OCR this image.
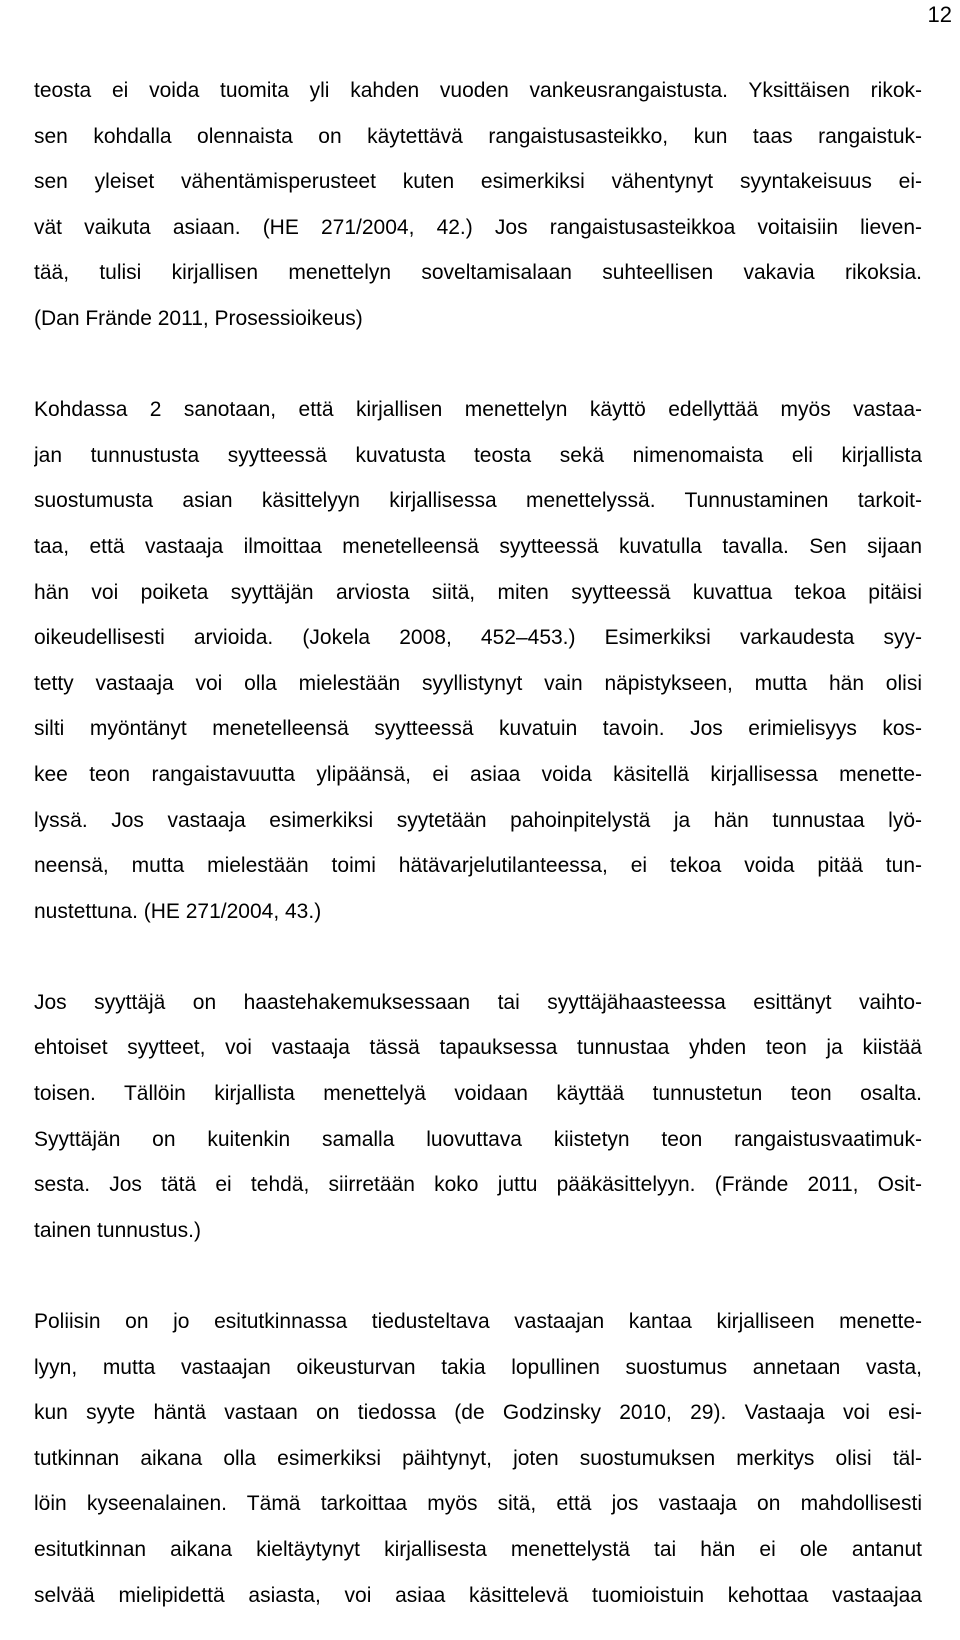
12
teosta ei voida tuomita yli kahden vuoden vankeusrangaistusta. Yksittäisen rikok-
sen kohdalla olennaista on käytettävä rangaistusasteikko, kun taas rangaistuk-
sen yleiset vähentämisperusteet kuten esimerkiksi vähentynyt syyntakeisuus ei-
vät vaikuta asiaan. (HE 271/2004, 42.) Jos rangaistusasteikkoa voitaisiin lieven-
tää, tulisi kirjallisen menettelyn soveltamisalaan suhteellisen vakavia rikoksia.
(Dan Frände 2011, Prosessioikeus)
Kohdassa 2 sanotaan, että kirjallisen menettelyn käyttö edellyttää myös vastaa-
jan tunnustusta syytteessä kuvatusta teosta sekä nimenomaista eli kirjallista
suostumusta asian käsittelyyn kirjallisessa menettelyssä. Tunnustaminen tarkoit-
taa, että vastaaja ilmoittaa menetelleensä syytteessä kuvatulla tavalla. Sen sijaan
hän voi poiketa syyttäjän arviosta siitä, miten syytteessä kuvattua tekoa pitäisi
oikeudellisesti arvioida. (Jokela 2008, 452–453.) Esimerkiksi varkaudesta syy-
tetty vastaaja voi olla mielestään syyllistynyt vain näpistykseen, mutta hän olisi
silti myöntänyt menetelleensä syytteessä kuvatuin tavoin. Jos erimielisyys kos-
kee teon rangaistavuutta ylipäänsä, ei asiaa voida käsitellä kirjallisessa menette-
lyssä. Jos vastaaja esimerkiksi syytetään pahoinpitelystä ja hän tunnustaa lyö-
neensä, mutta mielestään toimi hätävarjelutilanteessa, ei tekoa voida pitää tun-
nustettuna. (HE 271/2004, 43.)
Jos syyttäjä on haastehakemuksessaan tai syyttäjähaasteessa esittänyt vaihto-
ehtoiset syytteet, voi vastaaja tässä tapauksessa tunnustaa yhden teon ja kiistää
toisen. Tällöin kirjallista menettelyä voidaan käyttää tunnustetun teon osalta.
Syyttäjän on kuitenkin samalla luovuttava kiistetyn teon rangaistusvaatimuk-
sesta. Jos tätä ei tehdä, siirretään koko juttu pääkäsittelyyn. (Frände 2011, Osit-
tainen tunnustus.)
Poliisin on jo esitutkinnassa tiedusteltava vastaajan kantaa kirjalliseen menette-
lyyn, mutta vastaajan oikeusturvan takia lopullinen suostumus annetaan vasta,
kun syyte häntä vastaan on tiedossa (de Godzinsky 2010, 29). Vastaaja voi esi-
tutkinnan aikana olla esimerkiksi päihtynyt, joten suostumuksen merkitys olisi täl-
löin kyseenalainen. Tämä tarkoittaa myös sitä, että jos vastaaja on mahdollisesti
esitutkinnan aikana kieltäytynyt kirjallisesta menettelystä tai hän ei ole antanut
selvää mielipidettä asiasta, voi asiaa käsittelevä tuomioistuin kehottaa vastaajaa
